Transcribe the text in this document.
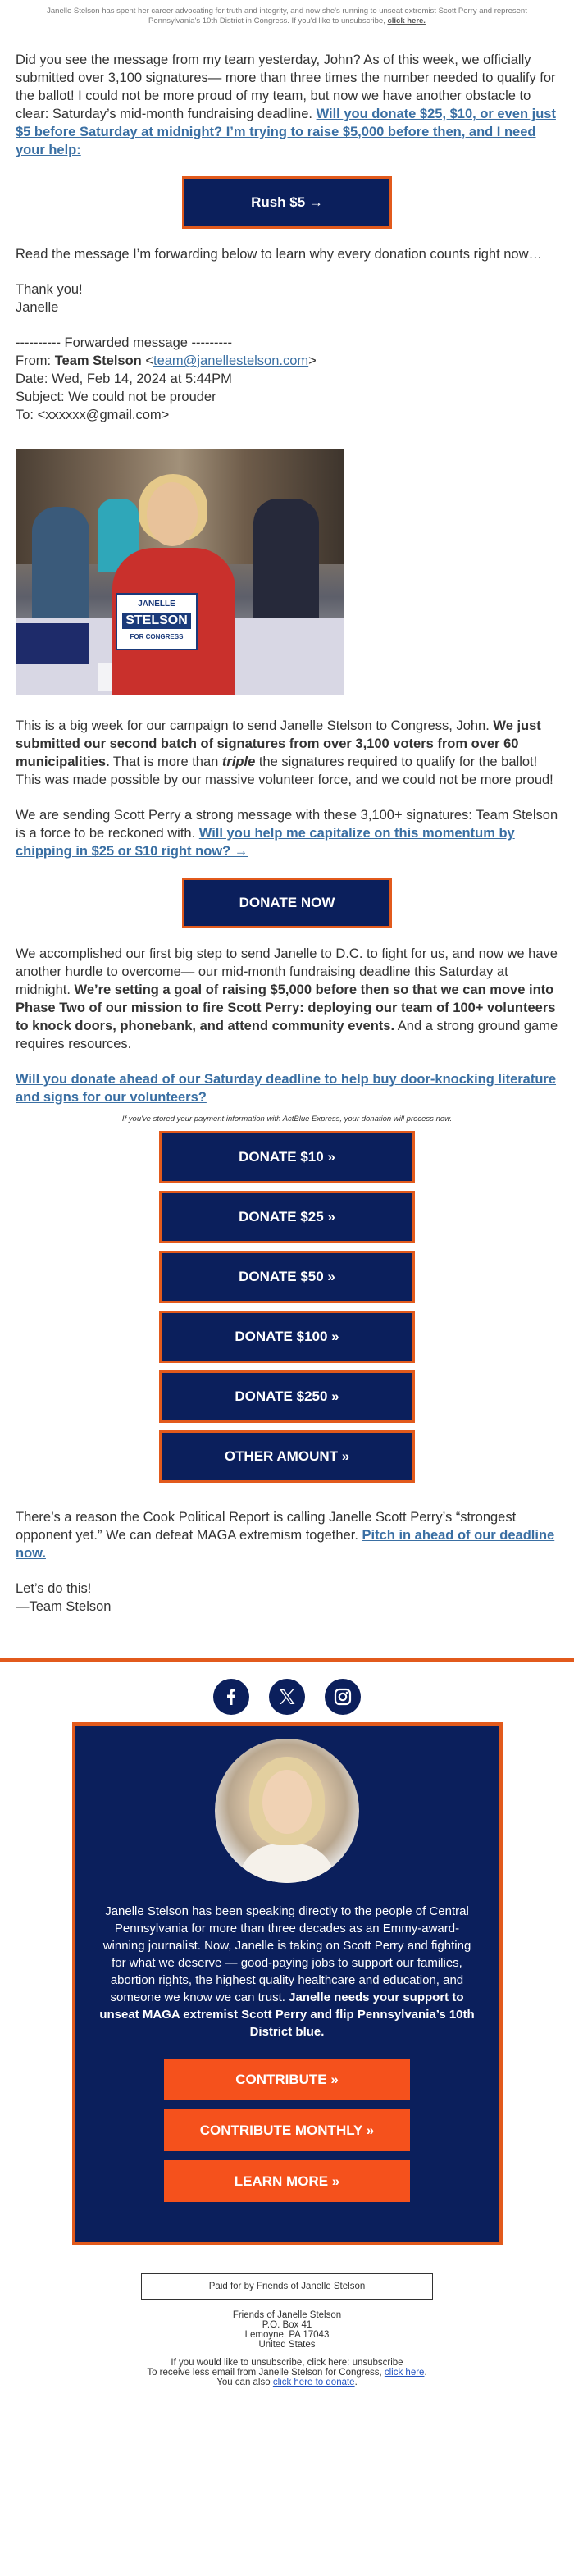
Janelle Stelson has spent her career advocating for truth and integrity, and now she's running to unseat extremist Scott Perry and represent Pennsylvania's 10th District in Congress. If you'd like to unsubscribe, click here.

Did you see the message from my team yesterday, John? As of this week, we officially submitted over 3,100 signatures— more than three times the number needed to qualify for the ballot! I could not be more proud of my team, but now we have another obstacle to clear: Saturday’s mid-month fundraising deadline. Will you donate $25, $10, or even just $5 before Saturday at midnight? I’m trying to raise $5,000 before then, and I need your help:

Rush $5 →

Read the message I’m forwarding below to learn why every donation counts right now…

Thank you!
Janelle

---------- Forwarded message ---------
From: Team Stelson <team@janellestelson.com>
Date: Wed, Feb 14, 2024 at 5:44PM
Subject: We could not be prouder
To: <xxxxxx@gmail.com>
JANELLE
STELSON
FOR CONGRESS

This is a big week for our campaign to send Janelle Stelson to Congress, John. We just submitted our second batch of signatures from over 3,100 voters from over 60 municipalities. That is more than triple the signatures required to qualify for the ballot! This was made possible by our massive volunteer force, and we could not be more proud!

We are sending Scott Perry a strong message with these 3,100+ signatures: Team Stelson is a force to be reckoned with. Will you help me capitalize on this momentum by chipping in $25 or $10 right now? →

DONATE NOW

We accomplished our first big step to send Janelle to D.C. to fight for us, and now we have another hurdle to overcome— our mid-month fundraising deadline this Saturday at midnight. We’re setting a goal of raising $5,000 before then so that we can move into Phase Two of our mission to fire Scott Perry: deploying our team of 100+ volunteers to knock doors, phonebank, and attend community events. And a strong ground game requires resources.

Will you donate ahead of our Saturday deadline to help buy door-knocking literature and signs for our volunteers?

If you've stored your payment information with ActBlue Express, your donation will process now.
DONATE $10 »
DONATE $25 »
DONATE $50 »
DONATE $100 »
DONATE $250 »
OTHER AMOUNT »

There’s a reason the Cook Political Report is calling Janelle Scott Perry’s “strongest opponent yet.” We can defeat MAGA extremism together. Pitch in ahead of our deadline now.

Let’s do this!
—Team Stelson

Janelle Stelson has been speaking directly to the people of Central Pennsylvania for more than three decades as an Emmy-award-winning journalist. Now, Janelle is taking on Scott Perry and fighting for what we deserve — good-paying jobs to support our families, abortion rights, the highest quality healthcare and education, and someone we know we can trust. Janelle needs your support to unseat MAGA extremist Scott Perry and flip Pennsylvania’s 10th District blue.
CONTRIBUTE »
CONTRIBUTE MONTHLY »
LEARN MORE »
Paid for by Friends of Janelle Stelson
Friends of Janelle Stelson
P.O. Box 41
Lemoyne, PA 17043
United States
If you would like to unsubscribe, click here: unsubscribe
To receive less email from Janelle Stelson for Congress, click here.
You can also click here to donate.
